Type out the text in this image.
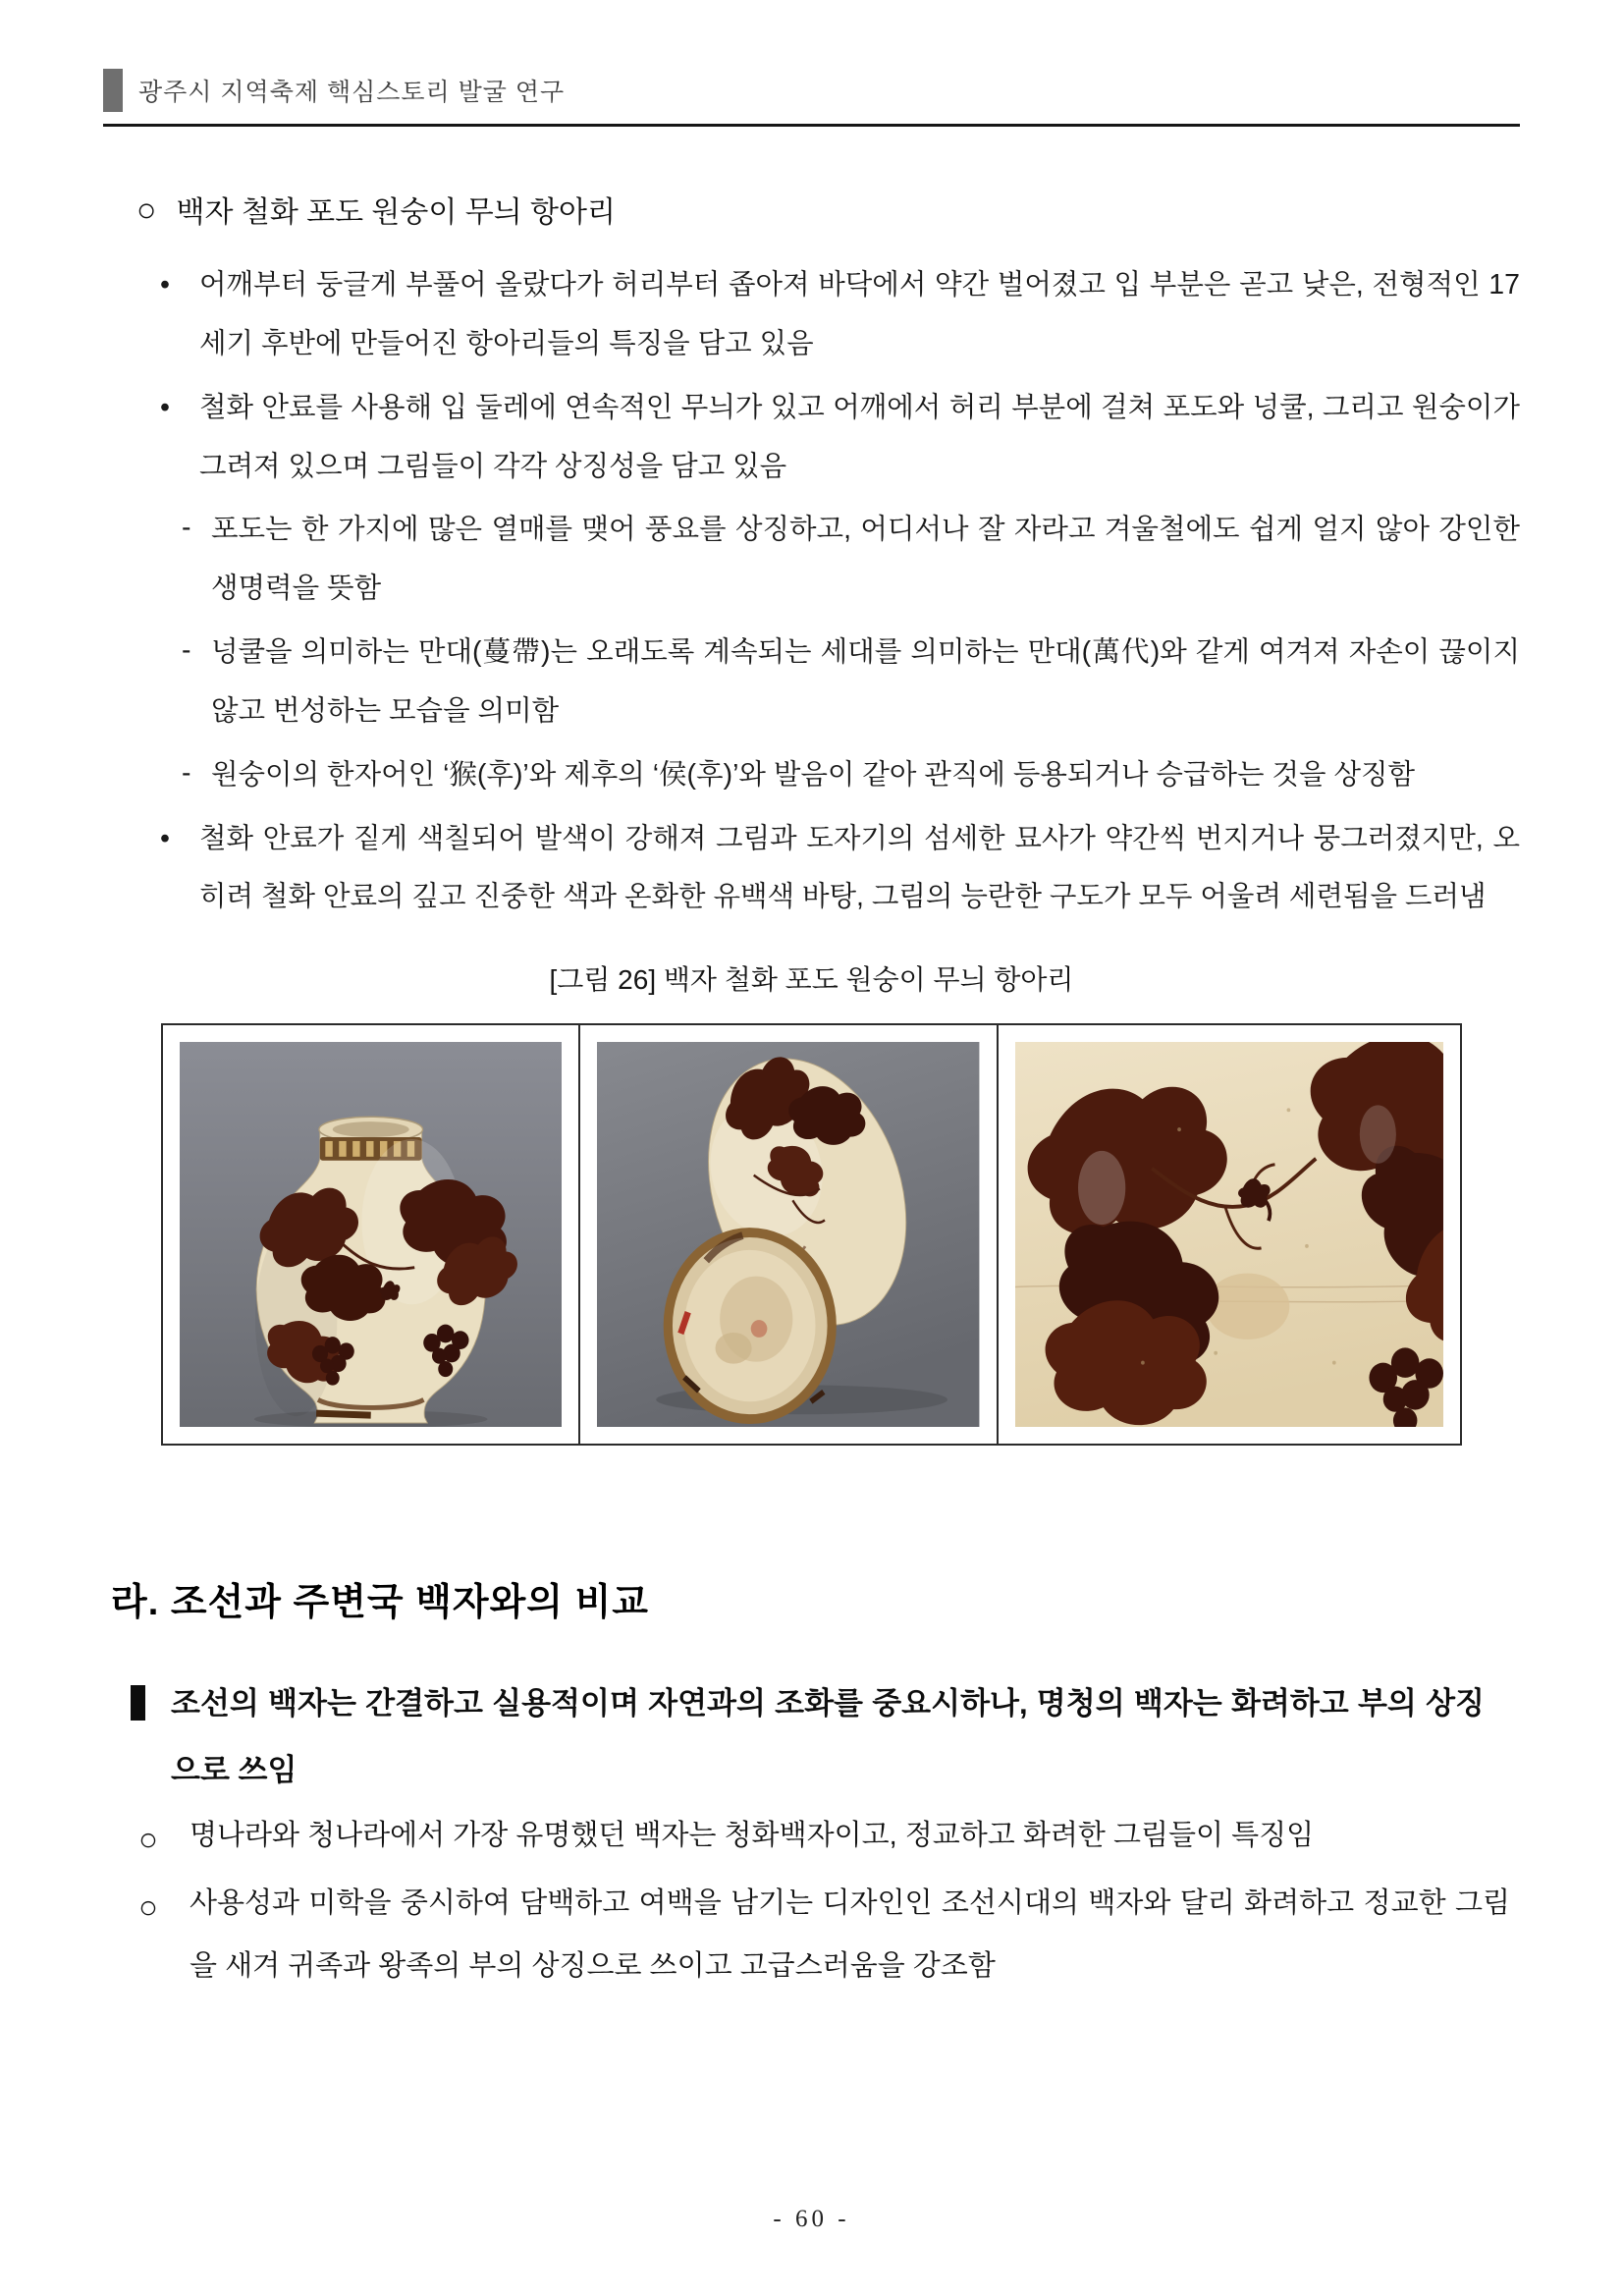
광주시 지역축제 핵심스토리 발굴 연구
○ 백자 철화 포도 원숭이 무늬 항아리
• 어깨부터 둥글게 부풀어 올랐다가 허리부터 좁아져 바닥에서 약간 벌어졌고 입 부분은 곧고 낮은, 전형적인 17세기 후반에 만들어진 항아리들의 특징을 담고 있음
• 철화 안료를 사용해 입 둘레에 연속적인 무늬가 있고 어깨에서 허리 부분에 걸쳐 포도와 넝쿨, 그리고 원숭이가 그려져 있으며 그림들이 각각 상징성을 담고 있음
- 포도는 한 가지에 많은 열매를 맺어 풍요를 상징하고, 어디서나 잘 자라고 겨울철에도 쉽게 얼지 않아 강인한 생명력을 뜻함
- 넝쿨을 의미하는 만대(蔓帶)는 오래도록 계속되는 세대를 의미하는 만대(萬代)와 같게 여겨져 자손이 끊이지 않고 번성하는 모습을 의미함
- 원숭이의 한자어인 ‘猴(후)’와 제후의 ‘侯(후)’와 발음이 같아 관직에 등용되거나 승급하는 것을 상징함
• 철화 안료가 짙게 색칠되어 발색이 강해져 그림과 도자기의 섬세한 묘사가 약간씩 번지거나 뭉그러졌지만, 오히려 철화 안료의 깊고 진중한 색과 온화한 유백색 바탕, 그림의 능란한 구도가 모두 어울려 세련됨을 드러냄
[그림 26] 백자 철화 포도 원숭이 무늬 항아리
라. 조선과 주변국 백자와의 비교
조선의 백자는 간결하고 실용적이며 자연과의 조화를 중요시하나, 명청의 백자는 화려하고 부의 상징으로 쓰임
○ 명나라와 청나라에서 가장 유명했던 백자는 청화백자이고, 정교하고 화려한 그림들이 특징임
○ 사용성과 미학을 중시하여 담백하고 여백을 남기는 디자인인 조선시대의 백자와 달리 화려하고 정교한 그림을 새겨 귀족과 왕족의 부의 상징으로 쓰이고 고급스러움을 강조함
- 60 -
